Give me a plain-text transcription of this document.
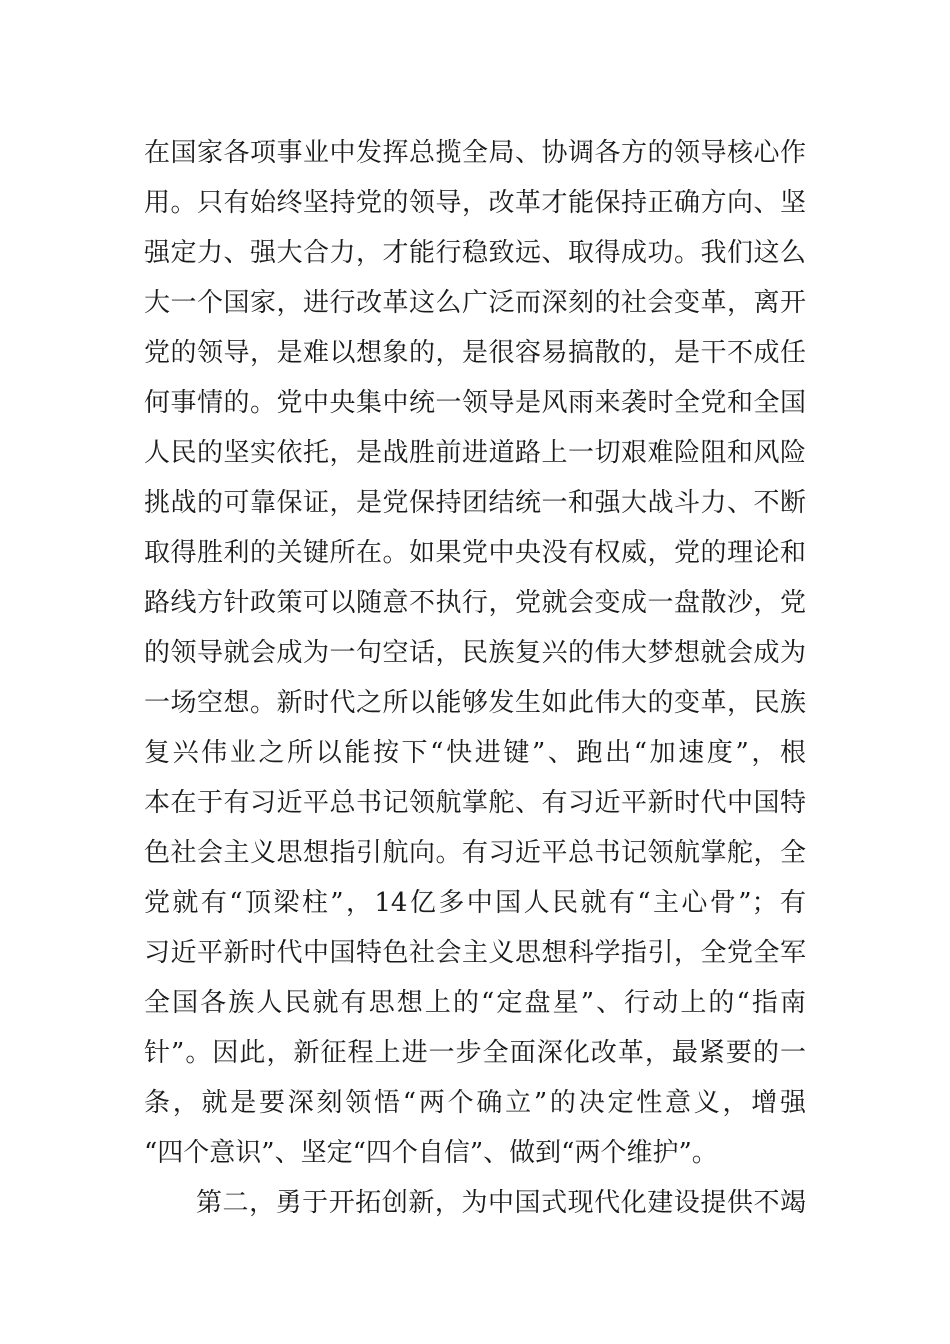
在国家各项事业中发挥总揽全局、协调各方的领导核心作
用。只有始终坚持党的领导，改革才能保持正确方向、坚
强定力、强大合力，才能行稳致远、取得成功。我们这么
大一个国家，进行改革这么广泛而深刻的社会变革，离开
党的领导，是难以想象的，是很容易搞散的，是干不成任
何事情的。党中央集中统一领导是风雨来袭时全党和全国
人民的坚实依托，是战胜前进道路上一切艰难险阻和风险
挑战的可靠保证，是党保持团结统一和强大战斗力、不断
取得胜利的关键所在。如果党中央没有权威，党的理论和
路线方针政策可以随意不执行，党就会变成一盘散沙，党
的领导就会成为一句空话，民族复兴的伟大梦想就会成为
一场空想。新时代之所以能够发生如此伟大的变革，民族
复兴伟业之所以能按下“快进键”、跑出“加速度”，根
本在于有习近平总书记领航掌舵、有习近平新时代中国特
色社会主义思想指引航向。有习近平总书记领航掌舵，全
党就有“顶梁柱”，14亿多中国人民就有“主心骨”；有
习近平新时代中国特色社会主义思想科学指引，全党全军
全国各族人民就有思想上的“定盘星”、行动上的“指南
针”。因此，新征程上进一步全面深化改革，最紧要的一
条，就是要深刻领悟“两个确立”的决定性意义，增强
“四个意识”、坚定“四个自信”、做到“两个维护”。
第二，勇于开拓创新，为中国式现代化建设提供不竭
